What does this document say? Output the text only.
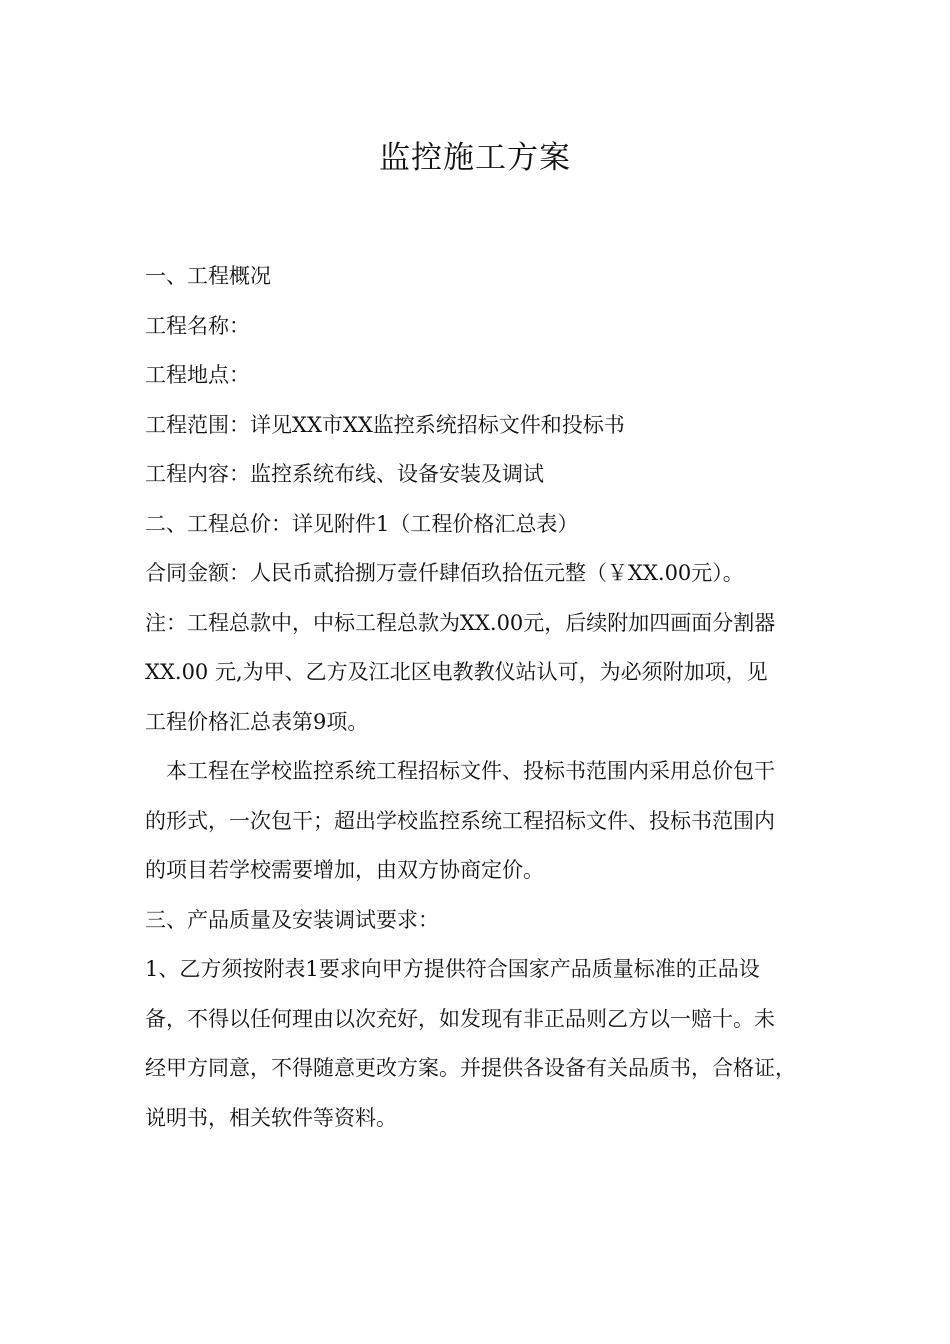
监控施工方案

一、工程概况

工程名称：

工程地点：

工程范围：详见XX市XX监控系统招标文件和投标书

工程内容：监控系统布线、设备安装及调试

二、工程总价：详见附件1（工程价格汇总表）

合同金额：人民币贰拾捌万壹仟肆佰玖拾伍元整（￥XX.00元）。

注：工程总款中，中标工程总款为XX.00元，后续附加四画面分割器

XX.00 元,为甲、乙方及江北区电教教仪站认可，为必须附加项，见

工程价格汇总表第9项。

本工程在学校监控系统工程招标文件、投标书范围内采用总价包干

的形式，一次包干；超出学校监控系统工程招标文件、投标书范围内

的项目若学校需要增加，由双方协商定价。

三、产品质量及安装调试要求：

1、乙方须按附表1要求向甲方提供符合国家产品质量标准的正品设

备，不得以任何理由以次充好，如发现有非正品则乙方以一赔十。未

经甲方同意，不得随意更改方案。并提供各设备有关品质书，合格证，

说明书，相关软件等资料。
